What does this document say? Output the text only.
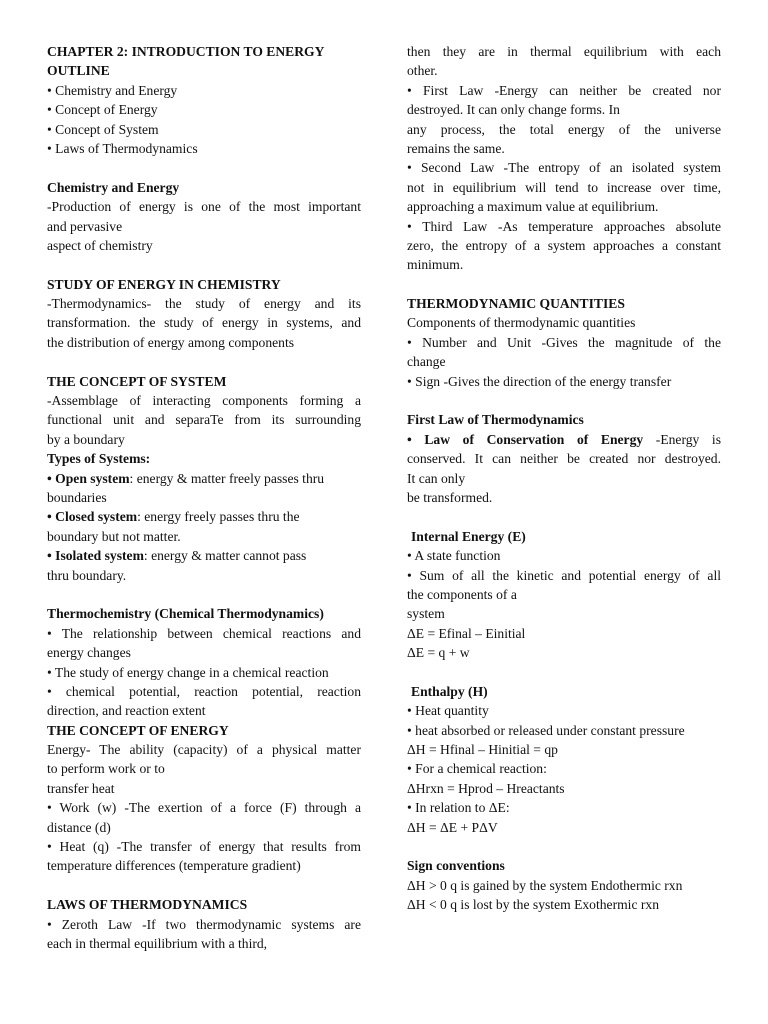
CHAPTER 2: INTRODUCTION TO ENERGY
OUTLINE
• Chemistry and Energy
• Concept of Energy
• Concept of System
• Laws of Thermodynamics
Chemistry and Energy
-Production of energy is one of the most important
and pervasive
aspect of chemistry
STUDY OF ENERGY IN CHEMISTRY
-Thermodynamics- the study of energy and its
transformation. the study of energy in systems, and
the distribution of energy among components
THE CONCEPT OF SYSTEM
-Assemblage of interacting components forming a
functional unit and separaTe from its surrounding
by a boundary
Types of Systems:
• Open system: energy & matter freely passes thru
boundaries
• Closed system: energy freely passes thru the
boundary but not matter.
• Isolated system: energy & matter cannot pass
thru boundary.
Thermochemistry (Chemical Thermodynamics)
• The relationship between chemical reactions and
energy changes
• The study of energy change in a chemical reaction
• chemical potential, reaction potential, reaction
direction, and reaction extent
THE CONCEPT OF ENERGY
Energy- The ability (capacity) of a physical matter
to perform work or to
transfer heat
• Work (w) -The exertion of a force (F) through a
distance (d)
• Heat (q) -The transfer of energy that results from
temperature differences (temperature gradient)
LAWS OF THERMODYNAMICS
• Zeroth Law -If two thermodynamic systems are
each in thermal equilibrium with a third,
then they are in thermal equilibrium with each
other.
• First Law -Energy can neither be created nor
destroyed. It can only change forms. In
any process, the total energy of the universe
remains the same.
• Second Law -The entropy of an isolated system
not in equilibrium will tend to increase over time,
approaching a maximum value at equilibrium.
• Third Law -As temperature approaches absolute
zero, the entropy of a system approaches a constant
minimum.
THERMODYNAMIC QUANTITIES
Components of thermodynamic quantities
• Number and Unit -Gives the magnitude of the
change
• Sign -Gives the direction of the energy transfer
First Law of Thermodynamics
• Law of Conservation of Energy -Energy is
conserved. It can neither be created nor destroyed.
It can only
be transformed.
Internal Energy (E)
• A state function
• Sum of all the kinetic and potential energy of all
the components of a
system
ΔE = Efinal – Einitial
ΔE = q + w
Enthalpy (H)
• Heat quantity
• heat absorbed or released under constant pressure
ΔH = Hfinal – Hinitial = qp
• For a chemical reaction:
ΔHrxn = Hprod – Hreactants
• In relation to ΔE:
ΔH = ΔE + PΔV
Sign conventions
ΔH > 0 q is gained by the system Endothermic rxn
ΔH < 0 q is lost by the system Exothermic rxn
